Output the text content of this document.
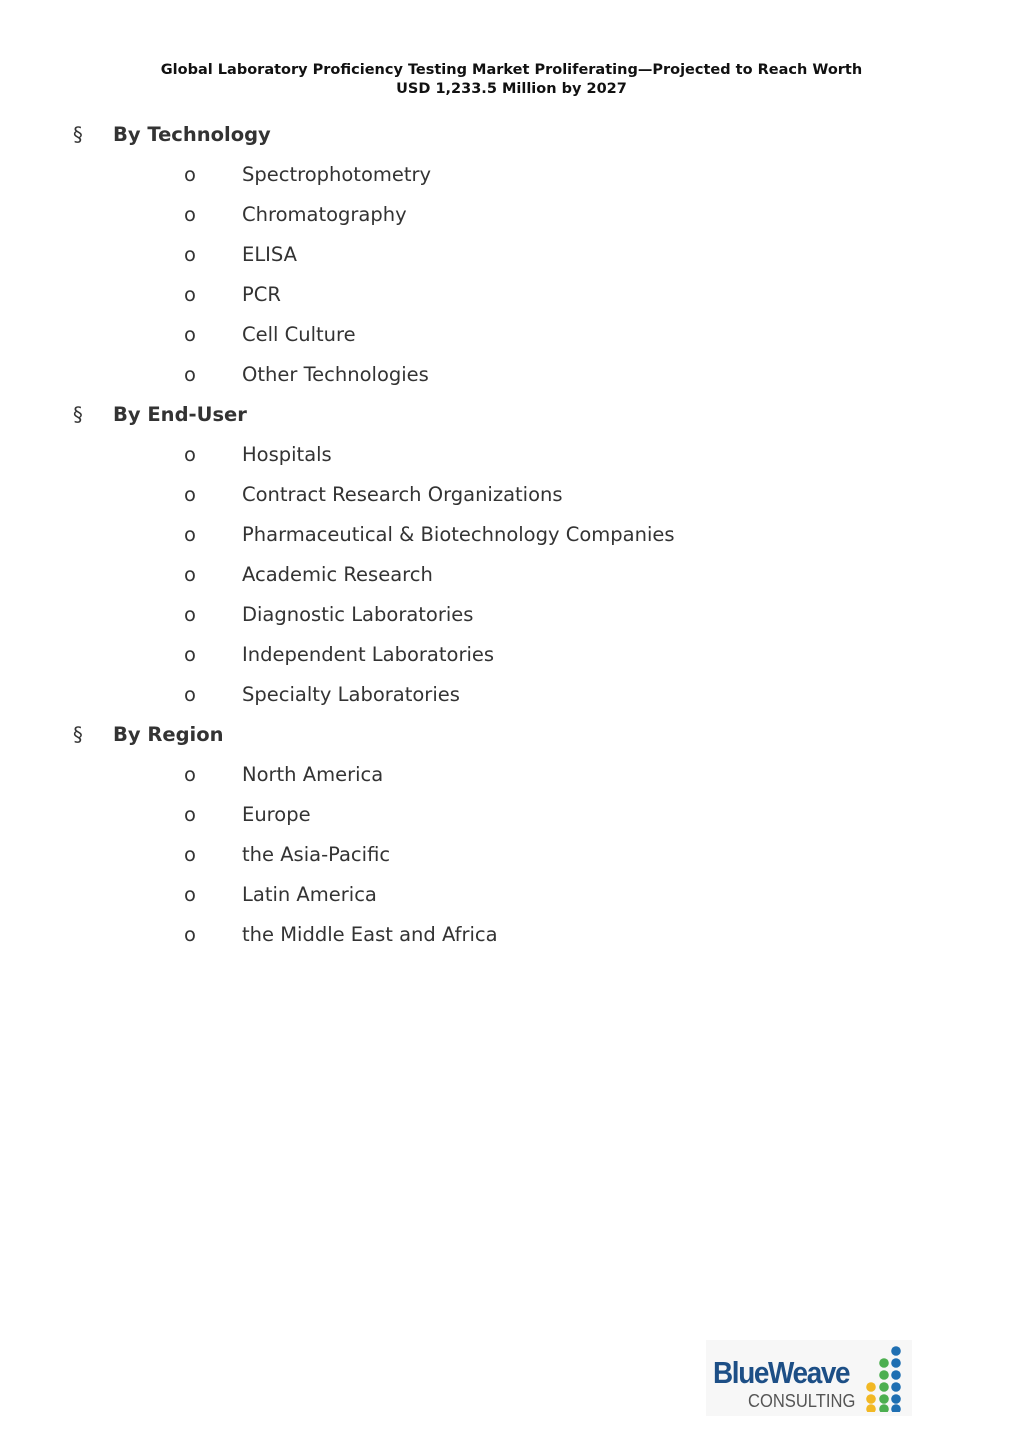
Global Laboratory Proficiency Testing Market Proliferating—Projected to Reach Worth
USD 1,233.5 Million by 2027
§ By Technology
o Spectrophotometry
o Chromatography
o ELISA
o PCR
o Cell Culture
o Other Technologies
§ By End-User
o Hospitals
o Contract Research Organizations
o Pharmaceutical & Biotechnology Companies
o Academic Research
o Diagnostic Laboratories
o Independent Laboratories
o Specialty Laboratories
§ By Region
o North America
o Europe
o the Asia-Pacific
o Latin America
o the Middle East and Africa
BlueWeave
CONSULTING
